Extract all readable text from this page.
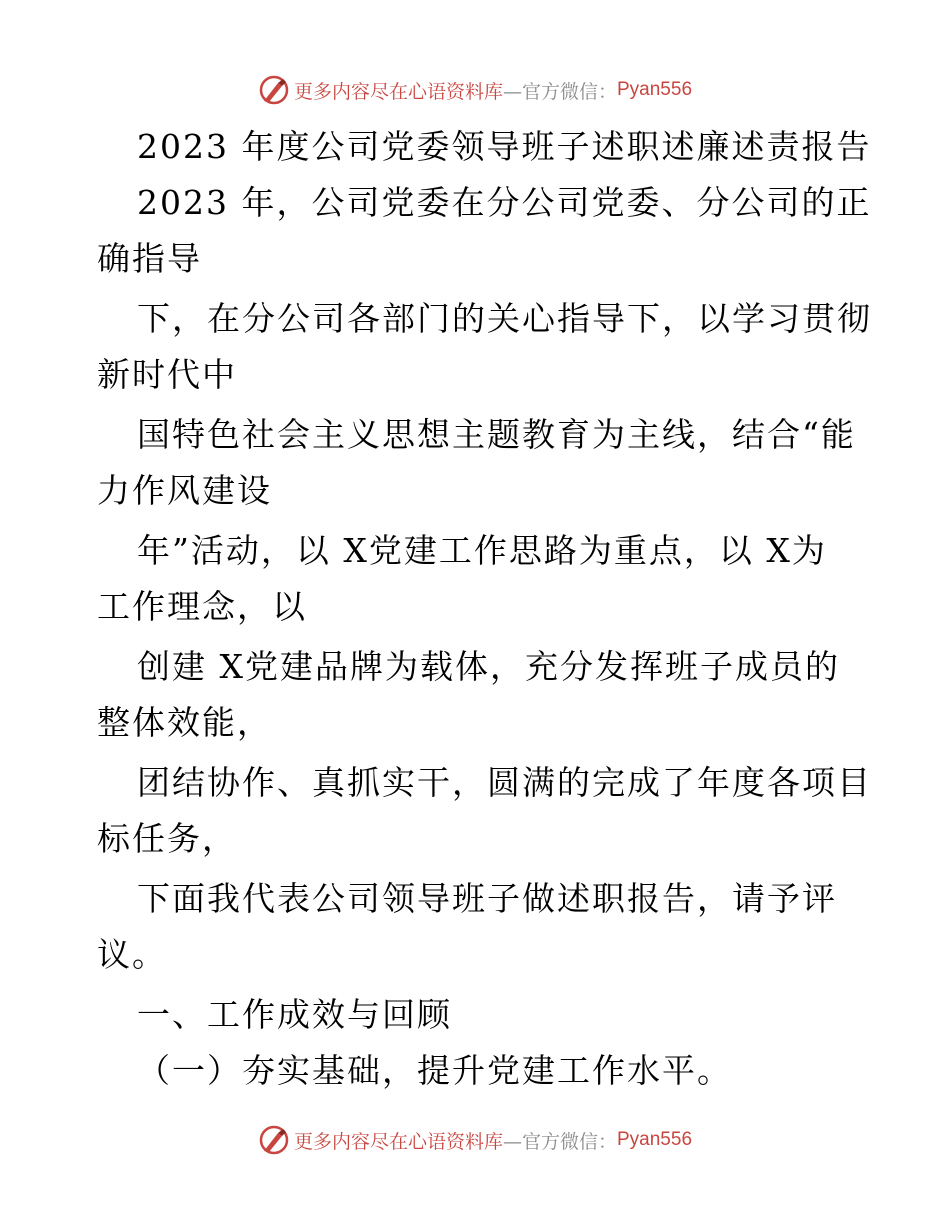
更多内容尽在心语资料库 —官方微信： Pyan556
2023 年度公司党委领导班子述职述廉述责报告
2023 年，公司党委在分公司党委、分公司的正
确指导
下，在分公司各部门的关心指导下，以学习贯彻
新时代中
国特色社会主义思想主题教育为主线，结合“能
力作风建设
年”活动，以 X党建工作思路为重点，以 X为
工作理念，以
创建 X党建品牌为载体，充分发挥班子成员的
整体效能，
团结协作、真抓实干，圆满的完成了年度各项目
标任务，
下面我代表公司领导班子做述职报告，请予评
议。
一、工作成效与回顾
（一）夯实基础，提升党建工作水平。
更多内容尽在心语资料库 —官方微信： Pyan556
